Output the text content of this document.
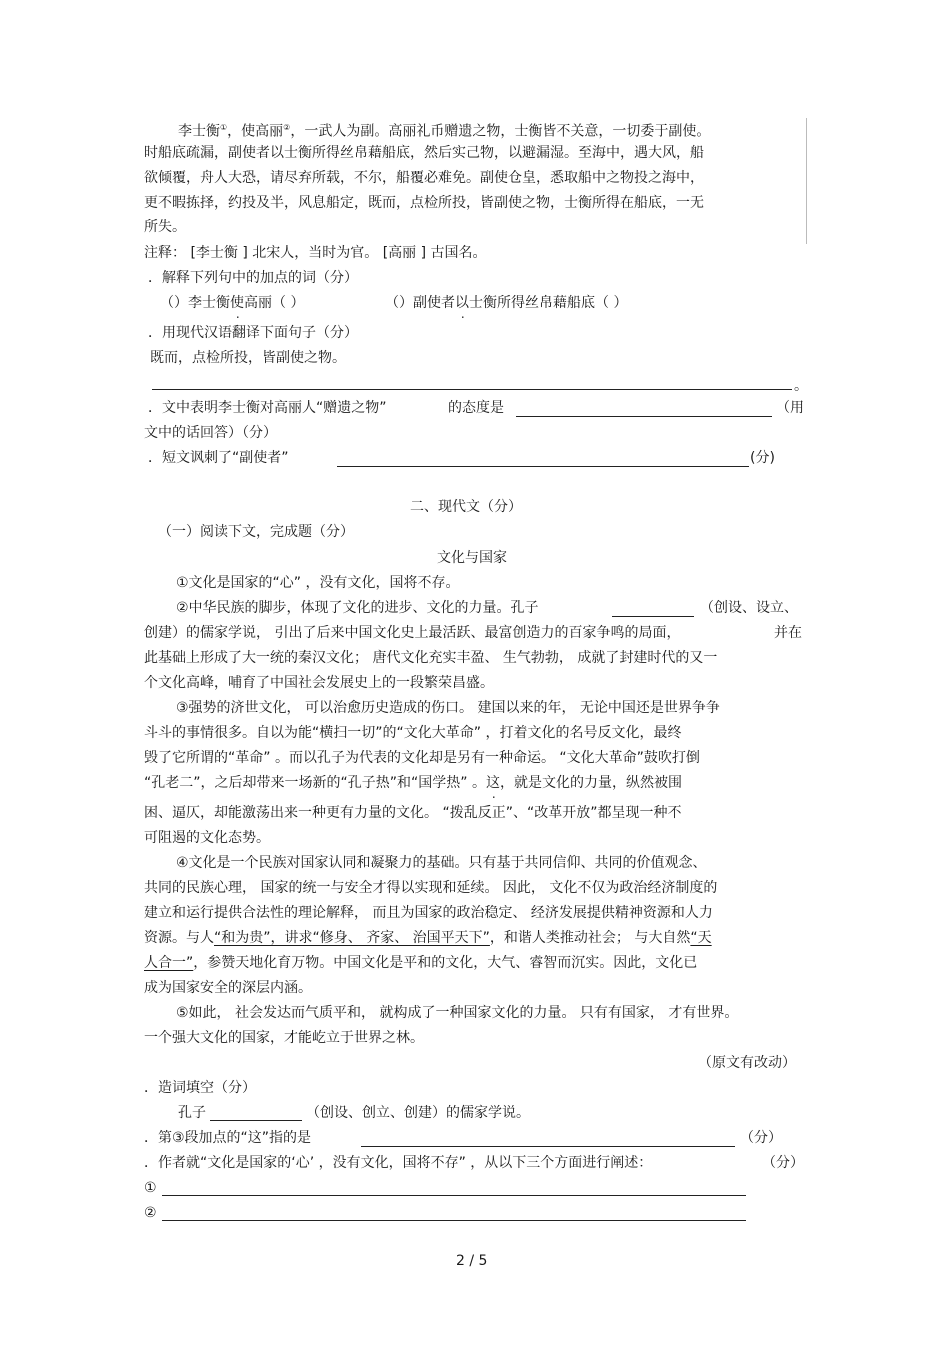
李士衡①，使高丽②，一武人为副。高丽礼币赠遗之物，士衡皆不关意，一切委于副使。
时船底疏漏，副使者以士衡所得丝帛藉船底，然后实己物，以避漏湿。至海中，遇大风，船
欲倾覆，舟人大恐，请尽弃所载，不尔，船覆必难免。副使仓皇，悉取船中之物投之海中，
更不暇拣择，约投及半，风息船定，既而，点检所投，皆副使之物，士衡所得在船底，一无
所失。
注释： [李士衡 ] 北宋人，当时为官。 [高丽 ] 古国名。
．解释下列句中的加点的词（分）
（）李士衡使高丽（ ）	（）副使者以士衡所得丝帛藉船底（ ）
．用现代汉语翻译下面句子（分）
既而，点检所投，皆副使之物。
。
．文中表明李士衡对高丽人“赠遗之物”	的态度是	（用
文中的话回答）（分）
．短文讽刺了“副使者”	(分)
二、现代文（分）
（一）阅读下文，完成题（分）
文化与国家
①文化是国家的“心” ，没有文化，国将不存。
②中华民族的脚步，体现了文化的进步、文化的力量。孔子	（创设、设立、
创建）的儒家学说， 引出了后来中国文化史上最活跃、最富创造力的百家争鸣的局面，	并在
此基础上形成了大一统的秦汉文化； 唐代文化充实丰盈、 生气勃勃， 成就了封建时代的又一
个文化高峰，哺育了中国社会发展史上的一段繁荣昌盛。
③强势的济世文化， 可以治愈历史造成的伤口。 建国以来的年， 无论中国还是世界争争
斗斗的事情很多。自以为能“横扫一切”的“文化大革命” ，打着文化的名号反文化，最终
毁了它所谓的“革命” 。而以孔子为代表的文化却是另有一种命运。 “文化大革命”鼓吹打倒
“孔老二”，之后却带来一场新的“孔子热”和“国学热” 。这，就是文化的力量，纵然被围
困、逼仄，却能激荡出来一种更有力量的文化。 “拨乱反正”、“改革开放”都呈现一种不
可阻遏的文化态势。
④文化是一个民族对国家认同和凝聚力的基础。只有基于共同信仰、共同的价值观念、
共同的民族心理， 国家的统一与安全才得以实现和延续。 因此， 文化不仅为政治经济制度的
建立和运行提供合法性的理论解释， 而且为国家的政治稳定、 经济发展提供精神资源和人力
资源。与人“和为贵”，讲求“修身、 齐家、 治国平天下”，和谐人类推动社会； 与大自然“天
人合一”，参赞天地化育万物。中国文化是平和的文化，大气、睿智而沉实。因此，文化已
成为国家安全的深层内涵。
⑤如此， 社会发达而气质平和， 就构成了一种国家文化的力量。 只有有国家， 才有世界。
一个强大文化的国家，才能屹立于世界之林。
（原文有改动）
．造词填空（分）
孔子	（创设、创立、创建）的儒家学说。
．第③段加点的“这”指的是	（分）
．作者就“文化是国家的‘心’ ，没有文化，国将不存” ，从以下三个方面进行阐述：	（分）
①
②
2 / 5
